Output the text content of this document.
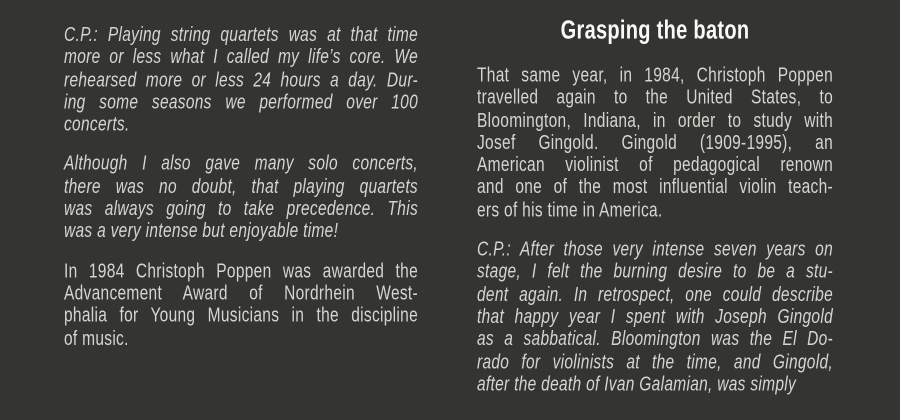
C.P.: Playing string quartets was at that time
more or less what I called my life’s core. We
rehearsed more or less 24 hours a day. Dur-
ing some seasons we performed over 100
concerts.
Although I also gave many solo concerts,
there was no doubt, that playing quartets
was always going to take precedence. This
was a very intense but enjoyable time!
In 1984 Christoph Poppen was awarded the
Advancement Award of Nordrhein West-
phalia for Young Musicians in the discipline
of music.
Grasping the baton
That same year, in 1984, Christoph Poppen
travelled again to the United States, to
Bloomington, Indiana, in order to study with
Josef Gingold. Gingold (1909-1995), an
American violinist of pedagogical renown
and one of the most influential violin teach-
ers of his time in America.
C.P.: After those very intense seven years on
stage, I felt the burning desire to be a stu-
dent again. In retrospect, one could describe
that happy year I spent with Joseph Gingold
as a sabbatical. Bloomington was the El Do-
rado for violinists at the time, and Gingold,
after the death of Ivan Galamian, was simply
